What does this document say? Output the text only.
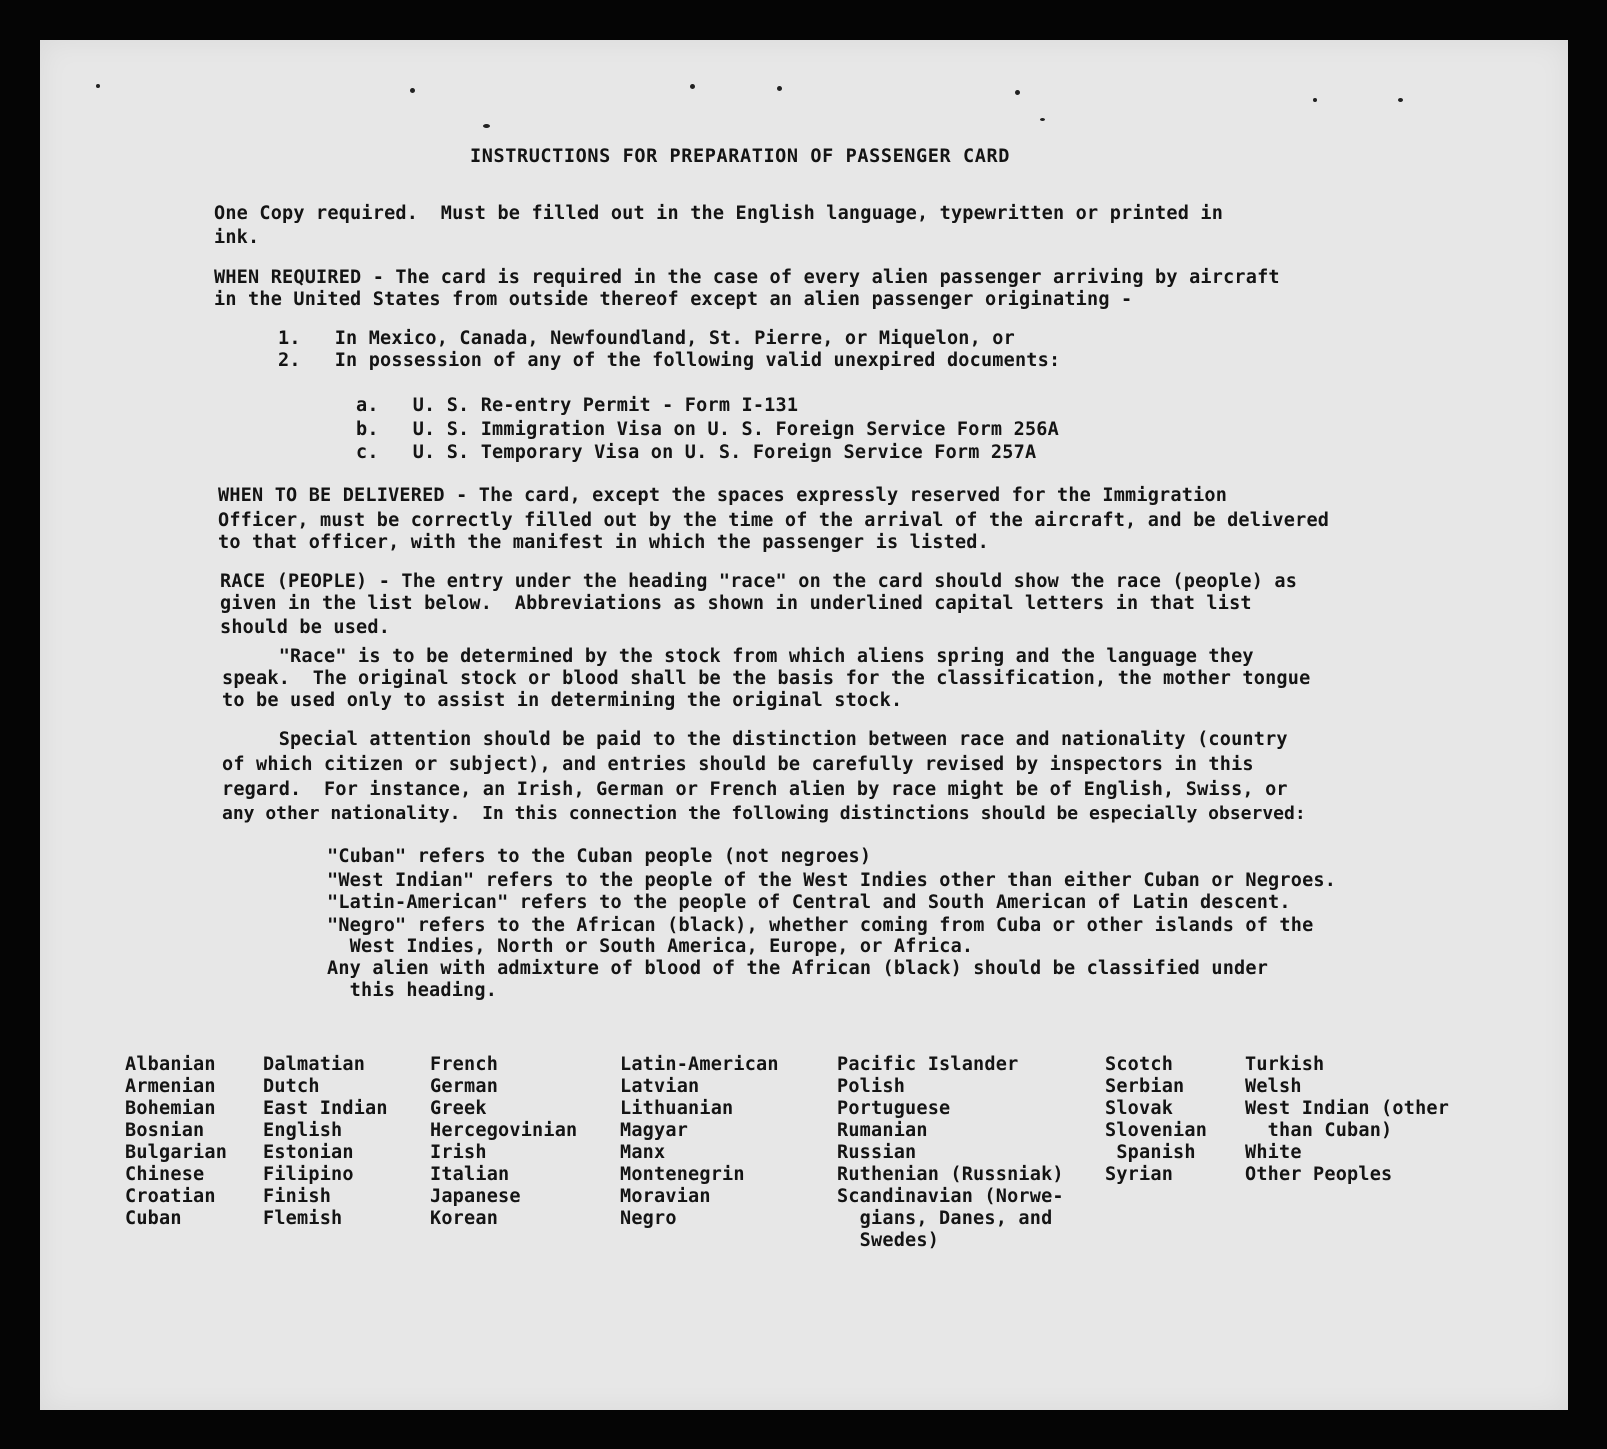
INSTRUCTIONS FOR PREPARATION OF PASSENGER CARD
One Copy required.  Must be filled out in the English language, typewritten or printed in
ink.
WHEN REQUIRED - The card is required in the case of every alien passenger arriving by aircraft
in the United States from outside thereof except an alien passenger originating -
1.   In Mexico, Canada, Newfoundland, St. Pierre, or Miquelon, or
2.   In possession of any of the following valid unexpired documents:
a.   U. S. Re-entry Permit - Form I-131
b.   U. S. Immigration Visa on U. S. Foreign Service Form 256A
c.   U. S. Temporary Visa on U. S. Foreign Service Form 257A
WHEN TO BE DELIVERED - The card, except the spaces expressly reserved for the Immigration
Officer, must be correctly filled out by the time of the arrival of the aircraft, and be delivered
to that officer, with the manifest in which the passenger is listed.
RACE (PEOPLE) - The entry under the heading "race" on the card should show the race (people) as
given in the list below.  Abbreviations as shown in underlined capital letters in that list
should be used.
"Race" is to be determined by the stock from which aliens spring and the language they
speak.  The original stock or blood shall be the basis for the classification, the mother tongue
to be used only to assist in determining the original stock.
Special attention should be paid to the distinction between race and nationality (country
of which citizen or subject), and entries should be carefully revised by inspectors in this
regard.  For instance, an Irish, German or French alien by race might be of English, Swiss, or
any other nationality.  In this connection the following distinctions should be especially observed:
"Cuban" refers to the Cuban people (not negroes)
"West Indian" refers to the people of the West Indies other than either Cuban or Negroes.
"Latin-American" refers to the people of Central and South American of Latin descent.
"Negro" refers to the African (black), whether coming from Cuba or other islands of the
West Indies, North or South America, Europe, or Africa.
Any alien with admixture of blood of the African (black) should be classified under
this heading.
Albanian
Armenian
Bohemian
Bosnian
Bulgarian
Chinese
Croatian
Cuban
Dalmatian
Dutch
East Indian
English
Estonian
Filipino
Finish
Flemish
French
German
Greek
Hercegovinian
Irish
Italian
Japanese
Korean
Latin-American
Latvian
Lithuanian
Magyar
Manx
Montenegrin
Moravian
Negro
Pacific Islander
Polish
Portuguese
Rumanian
Russian
Ruthenian (Russniak)
Scandinavian (Norwe-
gians, Danes, and
Swedes)
Scotch
Serbian
Slovak
Slovenian
Spanish
Syrian
Turkish
Welsh
West Indian (other
than Cuban)
White
Other Peoples
